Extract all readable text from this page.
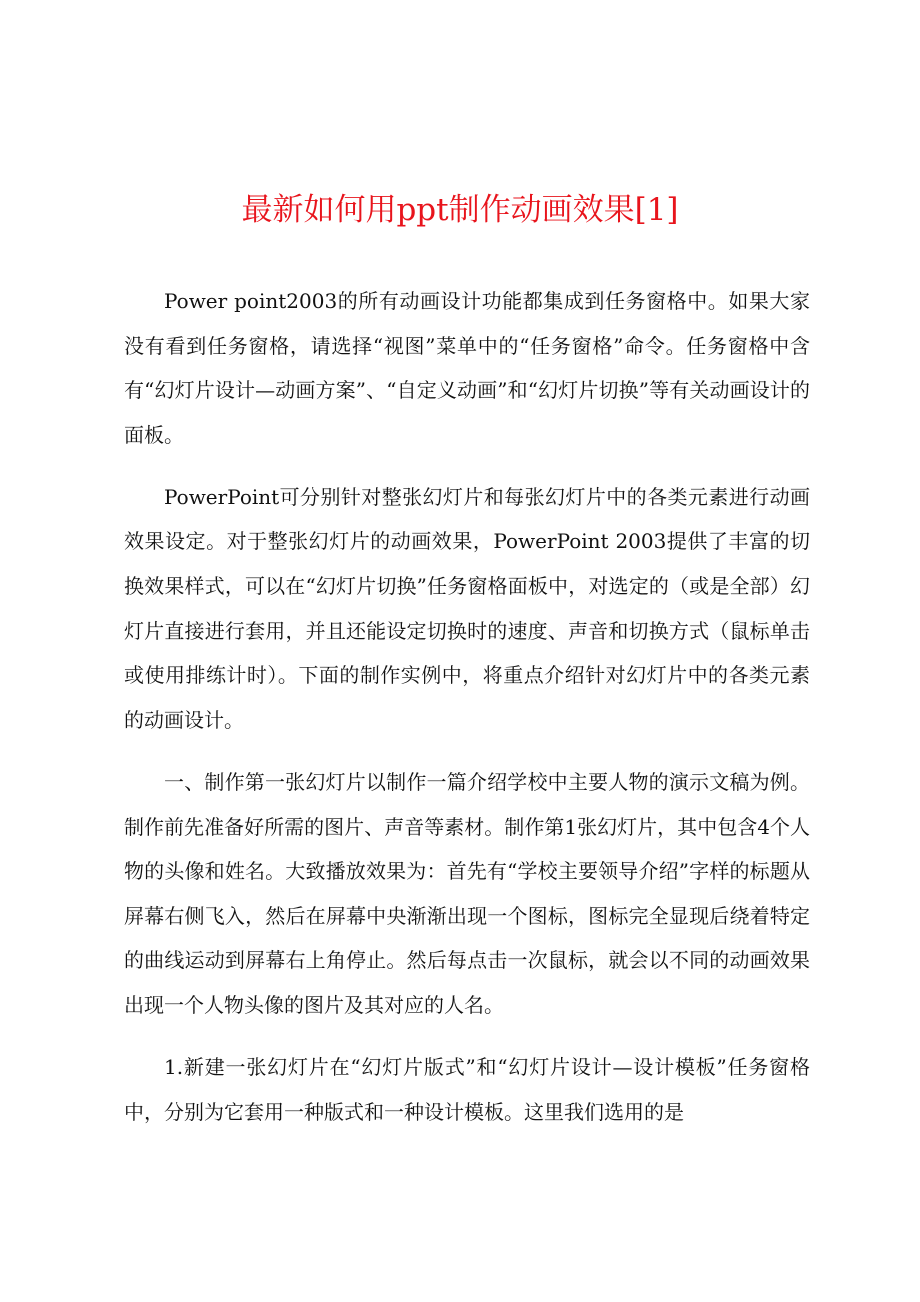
最新如何用ppt制作动画效果[1]

Power point2003的所有动画设计功能都集成到任务窗格中。如果大家没有看到任务窗格，请选择“视图”菜单中的“任务窗格”命令。任务窗格中含有“幻灯片设计—动画方案”、“自定义动画”和“幻灯片切换”等有关动画设计的面板。

PowerPoint可分别针对整张幻灯片和每张幻灯片中的各类元素进行动画效果设定。对于整张幻灯片的动画效果，PowerPoint 2003提供了丰富的切换效果样式，可以在“幻灯片切换”任务窗格面板中，对选定的（或是全部）幻灯片直接进行套用，并且还能设定切换时的速度、声音和切换方式（鼠标单击或使用排练计时）。下面的制作实例中，将重点介绍针对幻灯片中的各类元素的动画设计。

一、制作第一张幻灯片以制作一篇介绍学校中主要人物的演示文稿为例。制作前先准备好所需的图片、声音等素材。制作第1张幻灯片，其中包含4个人物的头像和姓名。大致播放效果为：首先有“学校主要领导介绍”字样的标题从屏幕右侧飞入，然后在屏幕中央渐渐出现一个图标，图标完全显现后绕着特定的曲线运动到屏幕右上角停止。然后每点击一次鼠标，就会以不同的动画效果出现一个人物头像的图片及其对应的人名。

1.新建一张幻灯片在“幻灯片版式”和“幻灯片设计—设计模板”任务窗格中，分别为它套用一种版式和一种设计模板。这里我们选用的是
